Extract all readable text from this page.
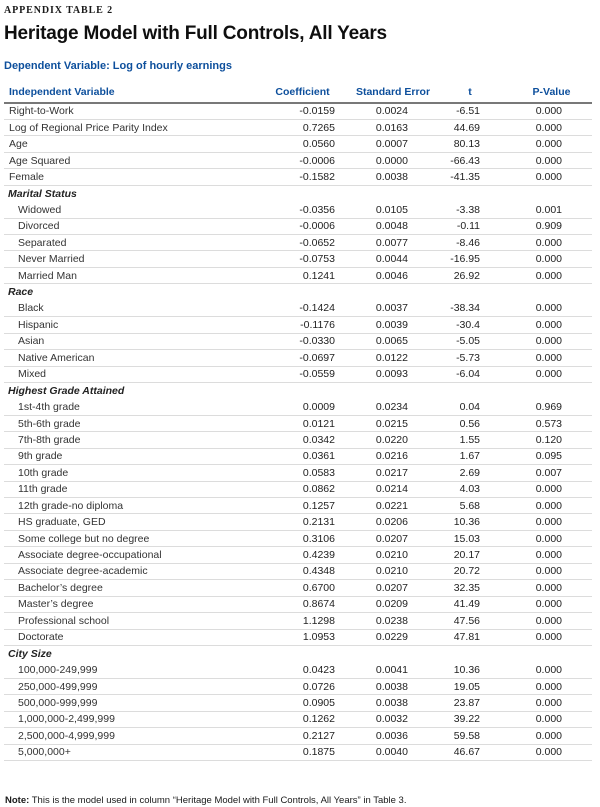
APPENDIX TABLE 2
Heritage Model with Full Controls, All Years
Dependent Variable: Log of hourly earnings
Independent Variable	Coefficient	Standard Error	t	P-Value
Right-to-Work	-0.0159	0.0024	-6.51	0.000
Log of Regional Price Parity Index	0.7265	0.0163	44.69	0.000
Age	0.0560	0.0007	80.13	0.000
Age Squared	-0.0006	0.0000	-66.43	0.000
Female	-0.1582	0.0038	-41.35	0.000
Marital Status				
Widowed	-0.0356	0.0105	-3.38	0.001
Divorced	-0.0006	0.0048	-0.11	0.909
Separated	-0.0652	0.0077	-8.46	0.000
Never Married	-0.0753	0.0044	-16.95	0.000
Married Man	0.1241	0.0046	26.92	0.000
Race				
Black	-0.1424	0.0037	-38.34	0.000
Hispanic	-0.1176	0.0039	-30.4	0.000
Asian	-0.0330	0.0065	-5.05	0.000
Native American	-0.0697	0.0122	-5.73	0.000
Mixed	-0.0559	0.0093	-6.04	0.000
Highest Grade Attained				
1st-4th grade	0.0009	0.0234	0.04	0.969
5th-6th grade	0.0121	0.0215	0.56	0.573
7th-8th grade	0.0342	0.0220	1.55	0.120
9th grade	0.0361	0.0216	1.67	0.095
10th grade	0.0583	0.0217	2.69	0.007
11th grade	0.0862	0.0214	4.03	0.000
12th grade-no diploma	0.1257	0.0221	5.68	0.000
HS graduate, GED	0.2131	0.0206	10.36	0.000
Some college but no degree	0.3106	0.0207	15.03	0.000
Associate degree-occupational	0.4239	0.0210	20.17	0.000
Associate degree-academic	0.4348	0.0210	20.72	0.000
Bachelor’s degree	0.6700	0.0207	32.35	0.000
Master’s degree	0.8674	0.0209	41.49	0.000
Professional school	1.1298	0.0238	47.56	0.000
Doctorate	1.0953	0.0229	47.81	0.000
City Size				
100,000-249,999	0.0423	0.0041	10.36	0.000
250,000-499,999	0.0726	0.0038	19.05	0.000
500,000-999,999	0.0905	0.0038	23.87	0.000
1,000,000-2,499,999	0.1262	0.0032	39.22	0.000
2,500,000-4,999,999	0.2127	0.0036	59.58	0.000
5,000,000+	0.1875	0.0040	46.67	0.000
Note: This is the model used in column “Heritage Model with Full Controls, All Years” in Table 3.
